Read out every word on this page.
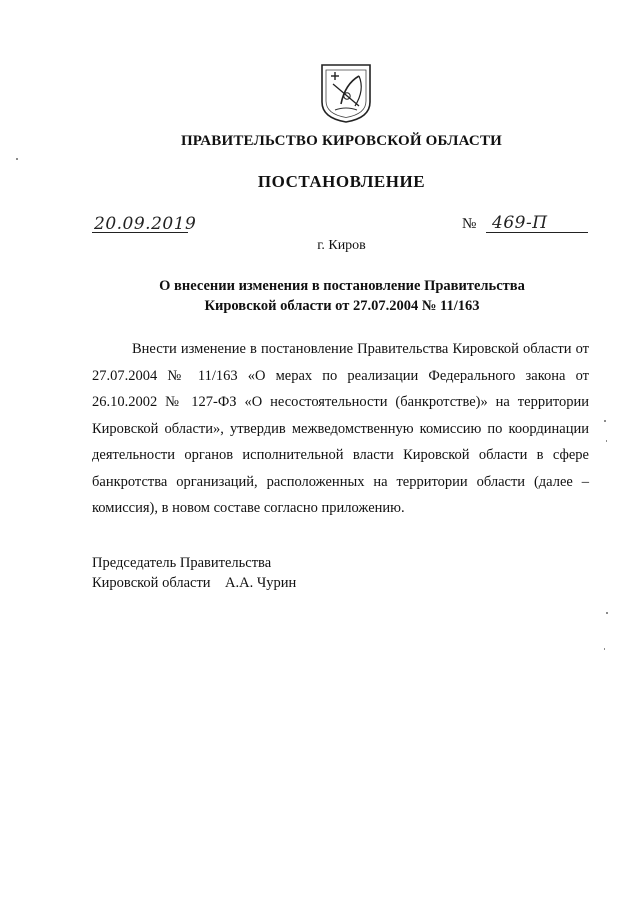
ПРАВИТЕЛЬСТВО КИРОВСКОЙ ОБЛАСТИ
ПОСТАНОВЛЕНИЕ
20.09.2019	№ 469-П
г. Киров
О внесении изменения в постановление Правительства
Кировской области от 27.07.2004 № 11/163

Внести изменение в постановление Правительства Кировской области от 27.07.2004 № 11/163 «О мерах по реализации Федерального закона от 26.10.2002 № 127-ФЗ «О несостоятельности (банкротстве)» на территории Кировской области», утвердив межведомственную комиссию по координации деятельности органов исполнительной власти Кировской области в сфере банкротства организаций, расположенных на территории области (далее – комиссия), в новом составе согласно приложению.

Председатель Правительства
Кировской области А.А. Чурин
